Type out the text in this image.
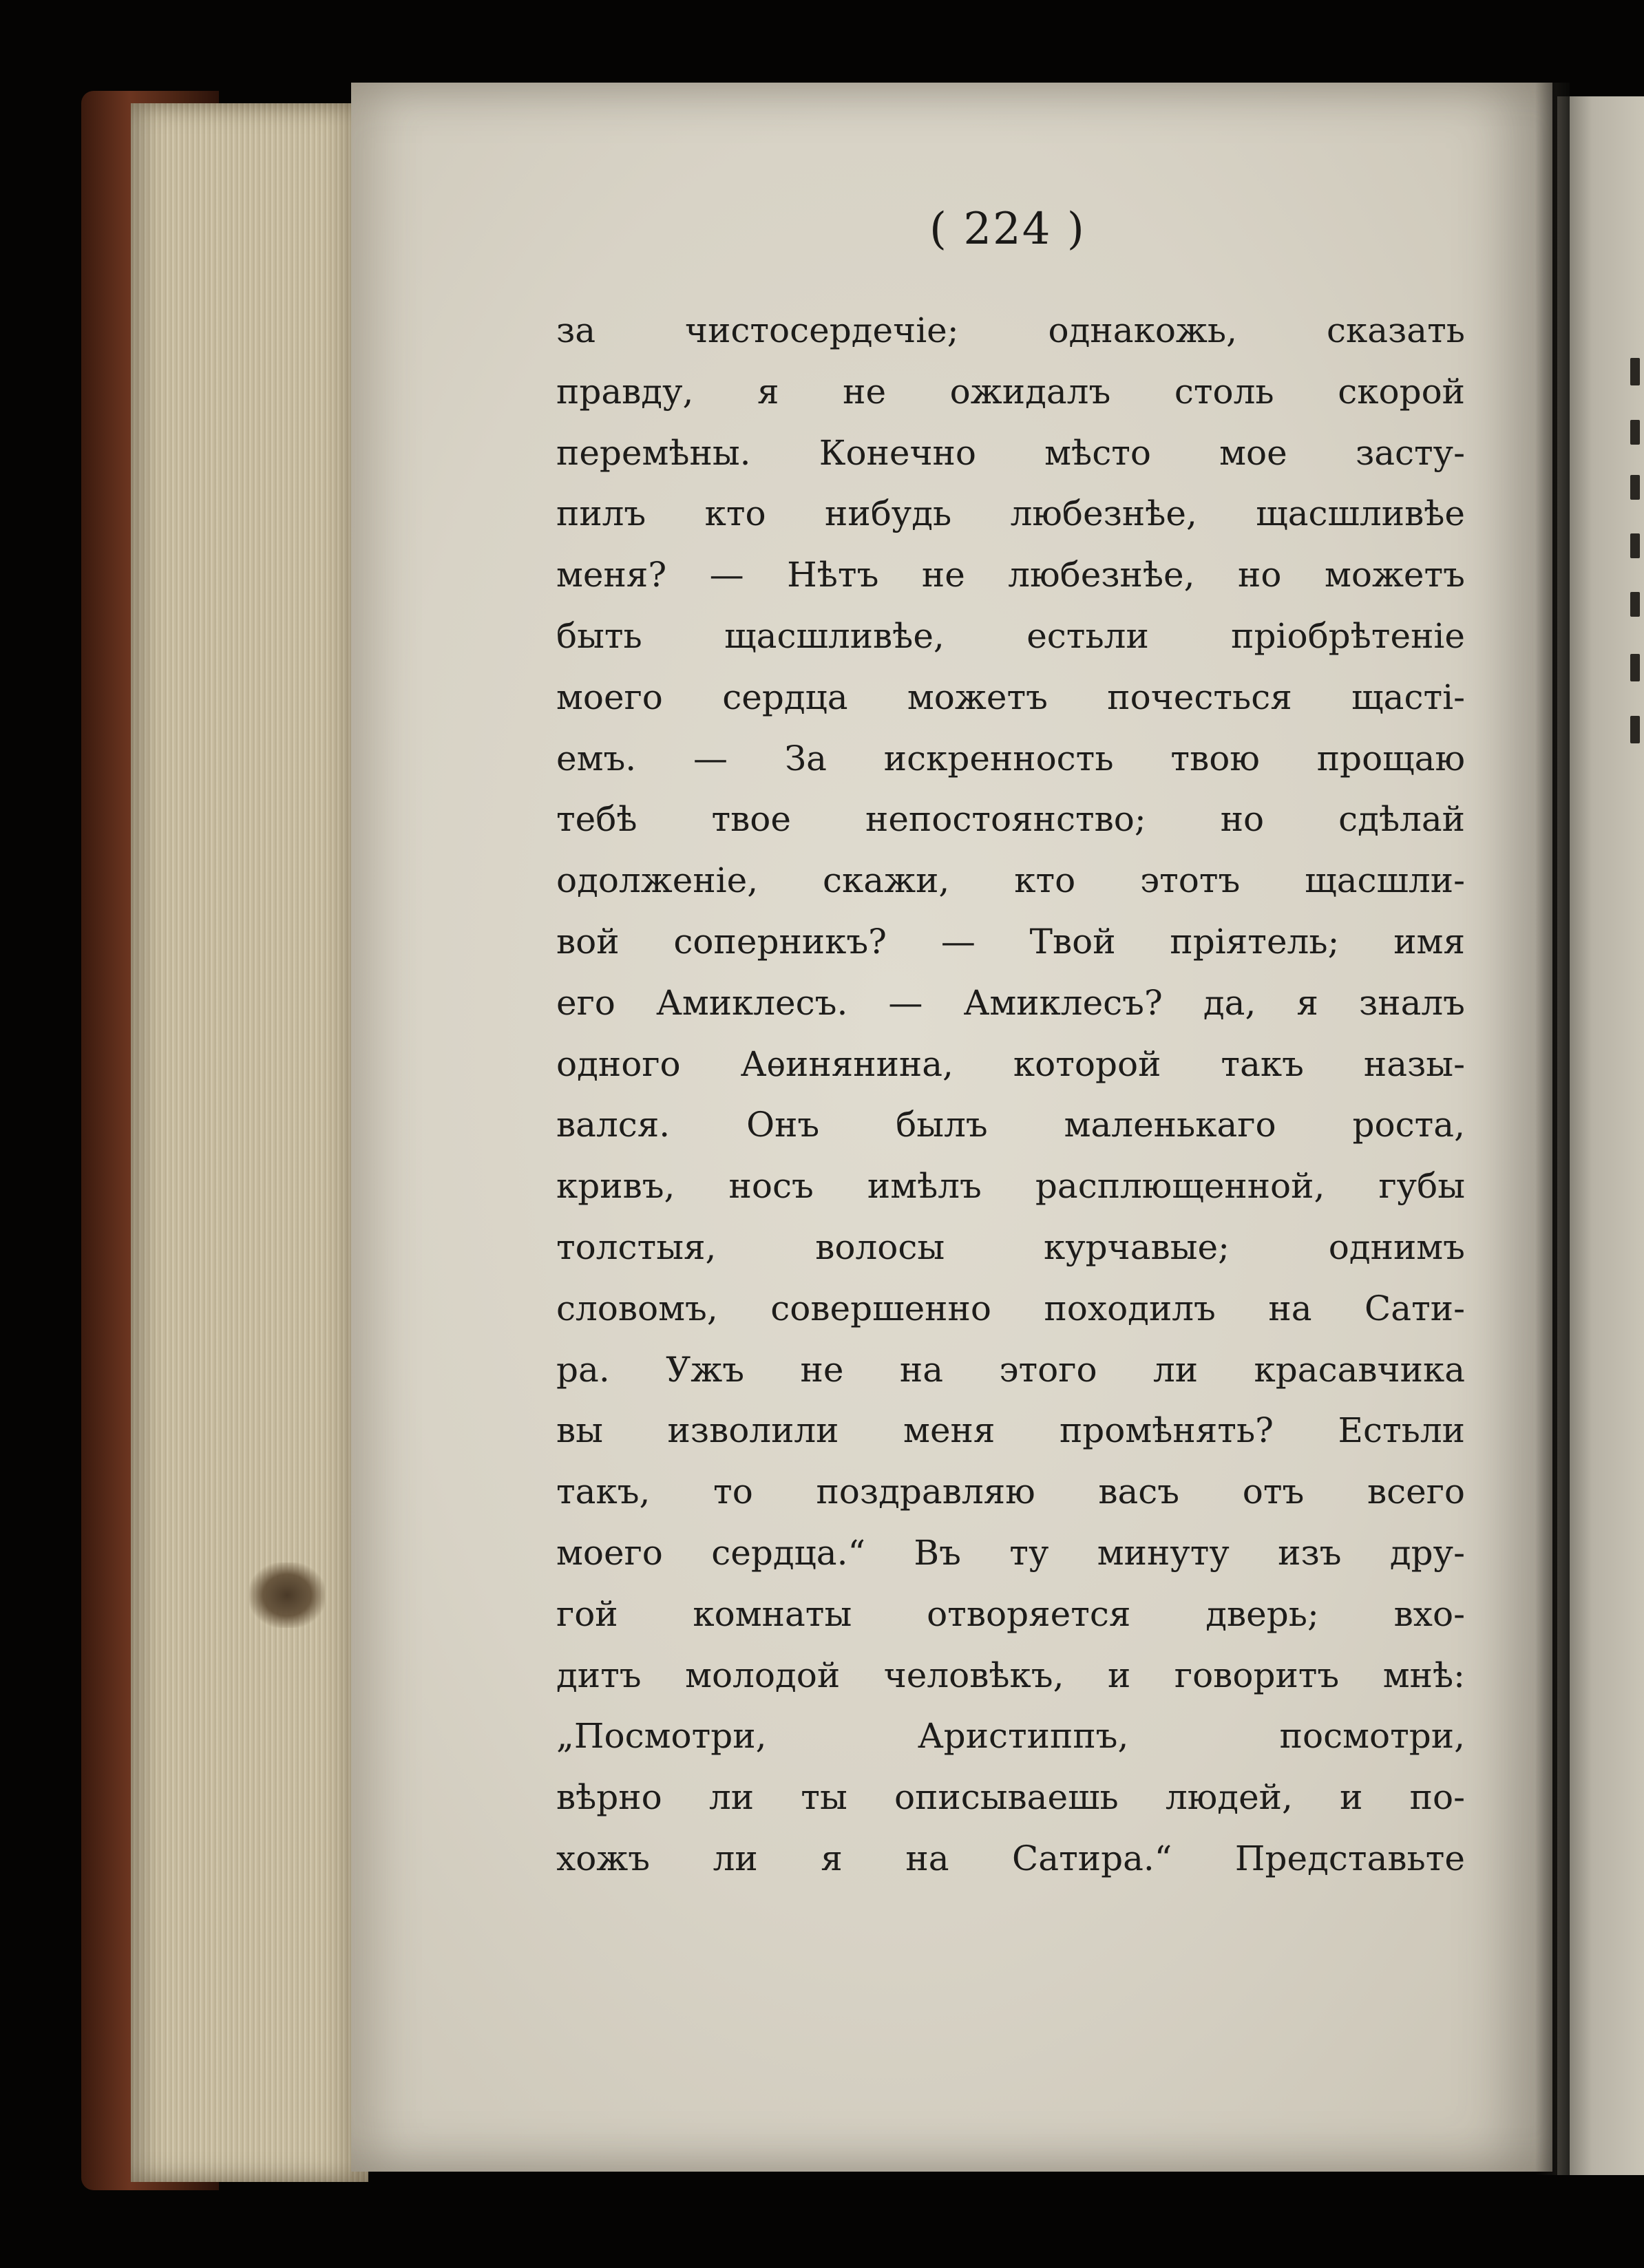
( 224 )
за чистосердечіе; однакожь, сказать
правду, я не ожидалъ столь скорой
перемѣны. Конечно мѣсто мое засту-
пилъ кто нибудь любезнѣе, щасшливѣе
меня? — Нѣтъ не любезнѣе, но можетъ
быть щасшливѣе, естьли пріобрѣтеніе
моего сердца можетъ почесться щасті-
емъ. — За искренность твою прощаю
тебѣ твое непостоянство; но сдѣлай
одолженіе, скажи, кто этотъ щасшли-
вой соперникъ? — Твой пріятель; имя
его Амиклесъ. — Амиклесъ? да, я зналъ
одного Аѳинянина, которой такъ назы-
вался. Онъ былъ маленькаго роста,
кривъ, носъ имѣлъ расплющенной, губы
толстыя, волосы курчавые; однимъ
словомъ, совершенно походилъ на Сати-
ра. Ужъ не на этого ли красавчика
вы изволили меня промѣнять? Естьли
такъ, то поздравляю васъ отъ всего
моего сердца.“ Въ ту минуту изъ дру-
гой комнаты отворяется дверь; вхо-
дитъ молодой человѣкъ, и говоритъ мнѣ:
„Посмотри, Аристиппъ, посмотри,
вѣрно ли ты описываешь людей, и по-
хожъ ли я на Сатира.“ Представьте
